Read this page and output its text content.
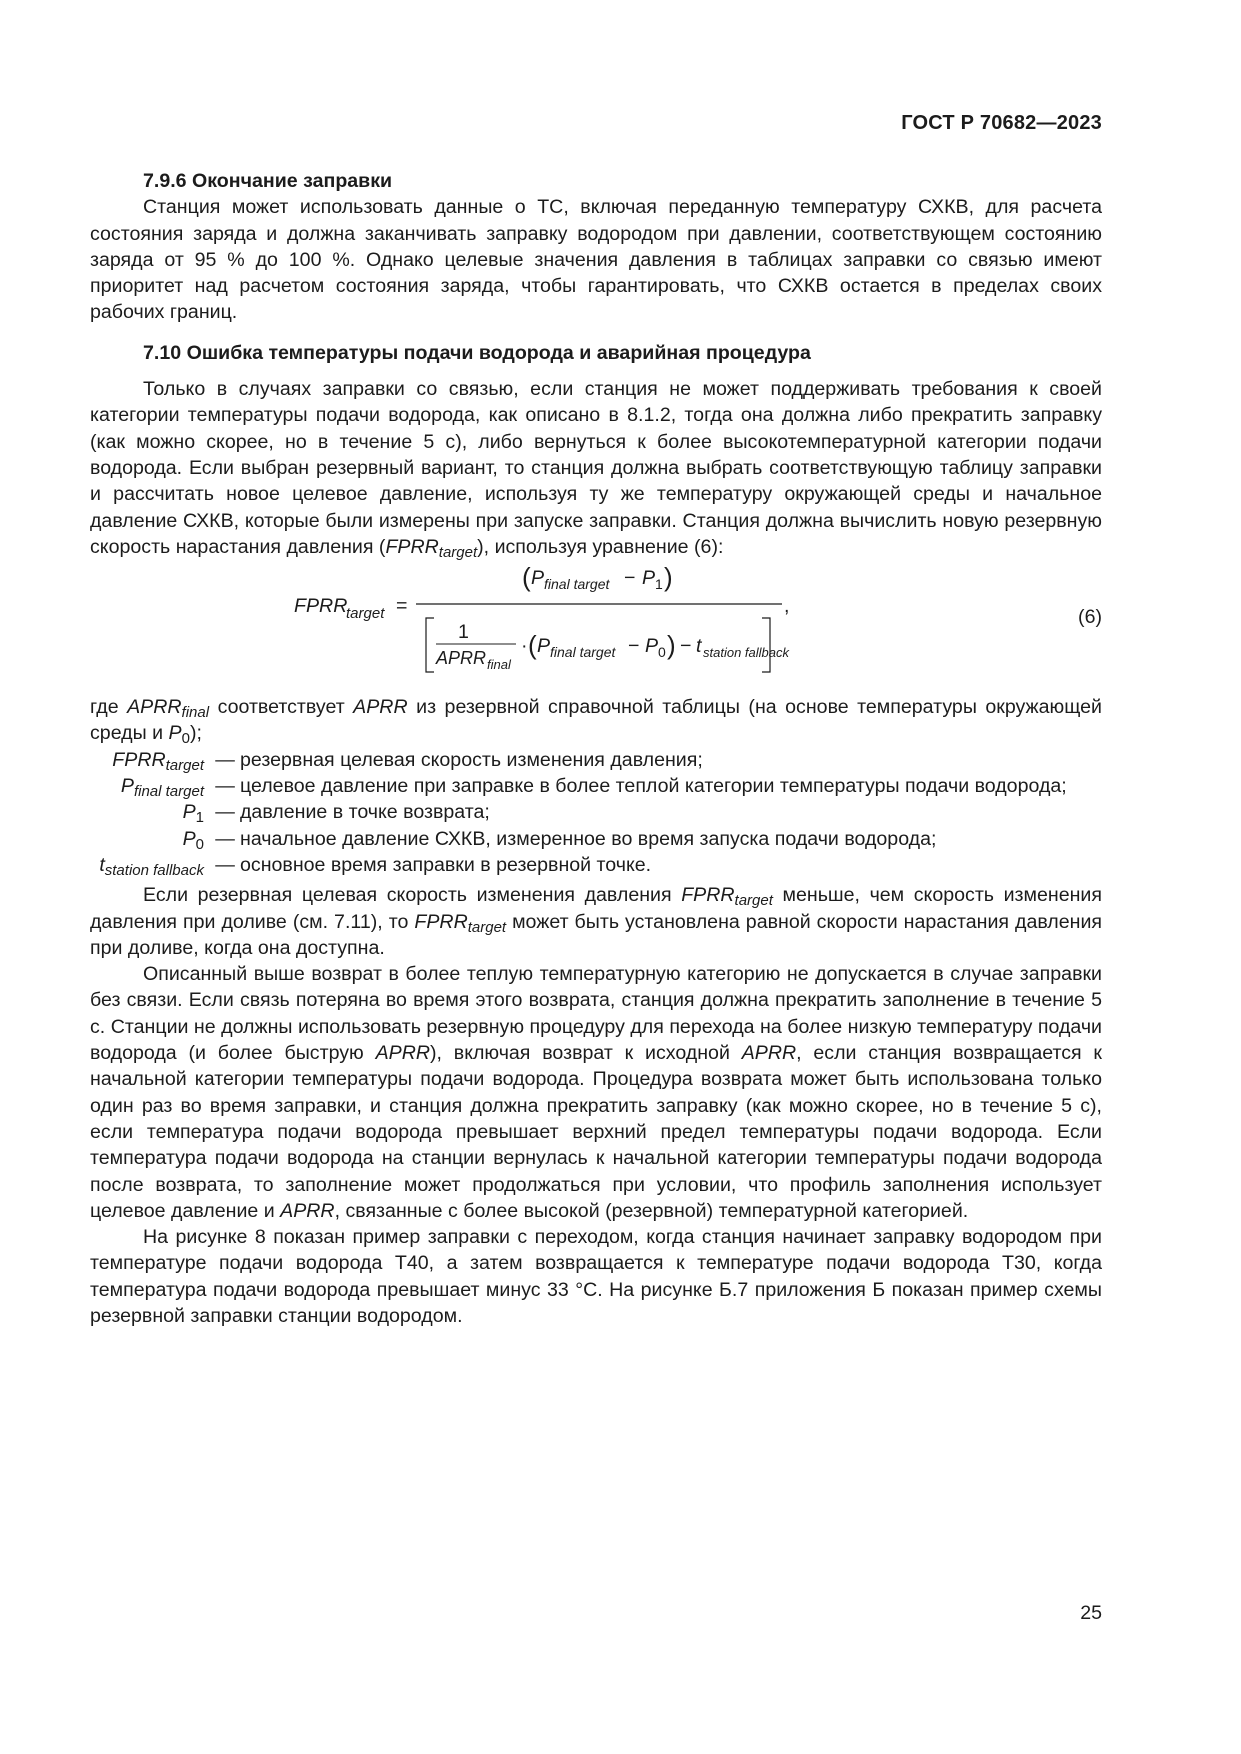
ГОСТ Р 70682—2023

7.9.6 Окончание заправки

Станция может использовать данные о ТС, включая переданную температуру СХКВ, для расчета состояния заряда и должна заканчивать заправку водородом при давлении, соответствующем состоянию заряда от 95 % до 100 %. Однако целевые значения давления в таблицах заправки со связью имеют приоритет над расчетом состояния заряда, чтобы гарантировать, что СХКВ остается в пределах своих рабочих границ.

7.10 Ошибка температуры подачи водорода и аварийная процедура

Только в случаях заправки со связью, если станция не может поддерживать требования к своей категории температуры подачи водорода, как описано в 8.1.2, тогда она должна либо прекратить заправку (как можно скорее, но в течение 5 с), либо вернуться к более высокотемпературной категории подачи водорода. Если выбран резервный вариант, то станция должна выбрать соответствующую таблицу заправки и рассчитать новое целевое давление, используя ту же температуру окружающей среды и начальное давление СХКВ, которые были измерены при запуске заправки. Станция должна вычислить новую резервную скорость нарастания давления $(FPRR_{target})$, используя уравнение (6):

FPRR
target =
( P final target − P 1 )
,
1
APRR final
· ( P final target − P 0 ) − t station fallback
(6)

где $APRR_{final}$ соответствует APRR из резервной справочной таблицы (на основе температуры окружающей среды и $P_0$);

$FPRR_{target}$ — резервная целевая скорость изменения давления;
$P_{final target}$ — целевое давление при заправке в более теплой категории температуры подачи водорода;
$P_1$ — давление в точке возврата;
$P_0$ — начальное давление СХКВ, измеренное во время запуска подачи водорода;
$t_{station fallback}$ — основное время заправки в резервной точке.

Если резервная целевая скорость изменения давления $FPRR_{target}$ меньше, чем скорость изменения давления при доливе (см. 7.11), то $FPRR_{target}$ может быть установлена равной скорости нарастания давления при доливе, когда она доступна.

Описанный выше возврат в более теплую температурную категорию не допускается в случае заправки без связи. Если связь потеряна во время этого возврата, станция должна прекратить заполнение в течение 5 с. Станции не должны использовать резервную процедуру для перехода на более низкую температуру подачи водорода (и более быструю APRR), включая возврат к исходной APRR, если станция возвращается к начальной категории температуры подачи водорода. Процедура возврата может быть использована только один раз во время заправки, и станция должна прекратить заправку (как можно скорее, но в течение 5 с), если температура подачи водорода превышает верхний предел температуры подачи водорода. Если температура подачи водорода на станции вернулась к начальной категории температуры подачи водорода после возврата, то заполнение может продолжаться при условии, что профиль заполнения использует целевое давление и APRR, связанные с более высокой (резервной) температурной категорией.

На рисунке 8 показан пример заправки с переходом, когда станция начинает заправку водородом при температуре подачи водорода Т40, а затем возвращается к температуре подачи водорода Т30, когда температура подачи водорода превышает минус 33 °С. На рисунке Б.7 приложения Б показан пример схемы резервной заправки станции водородом.

25
